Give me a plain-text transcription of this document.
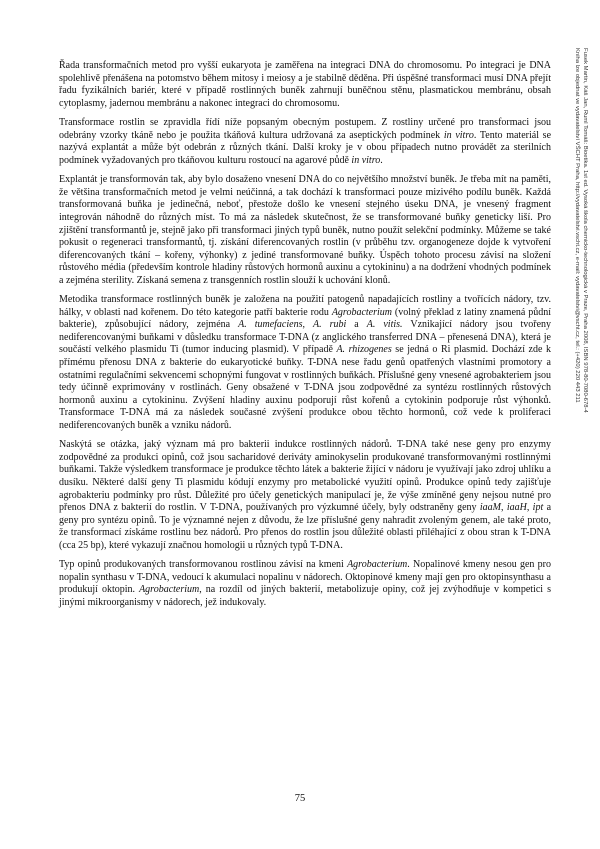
Řada transformačních metod pro vyšší eukaryota je zaměřena na integraci DNA do chromosomu. Po integraci je DNA spolehlivě přenášena na potomstvo během mitosy i meiosy a je stabilně děděna. Při úspěšné transformaci musí DNA přejít řadu fyzikálních bariér, které v případě rostlinných buněk zahrnují buněčnou stěnu, plasmatickou membránu, obsah cytoplasmy, jadernou membránu a nakonec integraci do chromosomu.

Transformace rostlin se zpravidla řídí níže popsaným obecným postupem. Z rostliny určené pro transformaci jsou odebrány vzorky tkáně nebo je použita tkáňová kultura udržovaná za aseptických podmínek in vitro. Tento materiál se nazývá explantát a může být odebrán z různých tkání. Další kroky je v obou případech nutno provádět za sterilních podmínek vyžadovaných pro tkáňovou kulturu rostoucí na agarové půdě in vitro.

Explantát je transformován tak, aby bylo dosaženo vnesení DNA do co největšího množství buněk. Je třeba mít na paměti, že většina transformačních metod je velmi neúčinná, a tak dochází k transformaci pouze mizivého podílu buněk. Každá transformovaná buňka je jedinečná, neboť, přestože došlo ke vnesení stejného úseku DNA, je vnesený fragment integrován náhodně do různých míst. To má za následek skutečnost, že se transformované buňky geneticky liší. Pro zjištění transformantů je, stejně jako při transformaci jiných typů buněk, nutno použít selekční podmínky. Můžeme se také pokusit o regeneraci transformantů, tj. získání diferencovaných rostlin (v průběhu tzv. organogeneze dojde k vytvoření diferencovaných tkání – kořeny, výhonky) z jediné transformované buňky. Úspěch tohoto procesu závisí na složení růstového média (především kontrole hladiny růstových hormonů auxinu a cytokininu) a na dodržení vhodných podmínek a zejména sterility. Získaná semena z transgenních rostlin slouží k uchování klonů.

Metodika transformace rostlinných buněk je založena na použití patogenů napadajících rostliny a tvořících nádory, tzv. hálky, v oblasti nad kořenem. Do této kategorie patří bakterie rodu Agrobacterium (volný překlad z latiny znamená půdní bakterie), způsobující nádory, zejména A. tumefaciens, A. rubi a A. vitis. Vznikající nádory jsou tvořeny nediferencovanými buňkami v důsledku transformace T-DNA (z anglického transferred DNA – přenesená DNA), která je součástí velkého plasmidu Ti (tumor inducing plasmid). V případě A. rhizogenes se jedná o Ri plasmid. Dochází zde k přímému přenosu DNA z bakterie do eukaryotické buňky. T-DNA nese řadu genů opatřených vlastními promotory a ostatními regulačními sekvencemi schopnými fungovat v rostlinných buňkách. Příslušné geny vnesené agrobakteriem jsou tedy účinně exprimovány v rostlinách. Geny obsažené v T-DNA jsou zodpovědné za syntézu rostlinných růstových hormonů auxinu a cytokininu. Zvýšení hladiny auxinu podporují růst kořenů a cytokinin podporuje růst výhonků. Transformace T-DNA má za následek současné zvýšení produkce obou těchto hormonů, což vede k proliferaci nediferencovaných buněk a vzniku nádorů.

Naskýtá se otázka, jaký význam má pro bakterii indukce rostlinných nádorů. T-DNA také nese geny pro enzymy zodpovědné za produkci opinů, což jsou sacharidové deriváty aminokyselin produkované transformovanými rostlinnými buňkami. Takže výsledkem transformace je produkce těchto látek a bakterie žijící v nádoru je využívají jako zdroj uhlíku a dusíku. Některé další geny Ti plasmidu kódují enzymy pro metabolické využití opinů. Produkce opinů tedy zajišťuje agrobakteriu podmínky pro růst. Důležité pro účely genetických manipulací je, že výše zmíněné geny nejsou nutné pro přenos DNA z bakterií do rostlin. V T-DNA, používaných pro výzkumné účely, byly odstraněny geny iaaM, iaaH, ipt a geny pro syntézu opinů. To je významné nejen z důvodu, že lze příslušné geny nahradit zvoleným genem, ale také proto, že transformací získáme rostlinu bez nádorů. Pro přenos do rostlin jsou důležité oblasti přiléhající z obou stran k T-DNA (cca 25 bp), které vykazují značnou homologii u různých typů T-DNA.

Typ opinů produkovaných transformovanou rostlinou závisí na kmeni Agrobacterium. Nopalinové kmeny nesou gen pro nopalin synthasu v T-DNA, vedoucí k akumulaci nopalinu v nádorech. Oktopinové kmeny mají gen pro oktopinsynthasu a produkují oktopin. Agrobacterium, na rozdíl od jiných bakterií, metabolizuje opiny, což jej zvýhodňuje v kompetici s jinými mikroorganismy v nádorech, jež indukovaly.

75
Fusek Martin, Káš Jan, Ruml Tomáš: Bioetika. 1st ed. Vysoká škola chemicko-technologická v Praze, Praha 2008, ISBN 978-80-7080-678-4
Kniha lze objednat ve vydavatelství VŠCHT Praha, http://vydavatelstvi.vscht.cz, e-mail: vydavatelstvi@vscht.cz, tel.: (+420) 220 443 211
